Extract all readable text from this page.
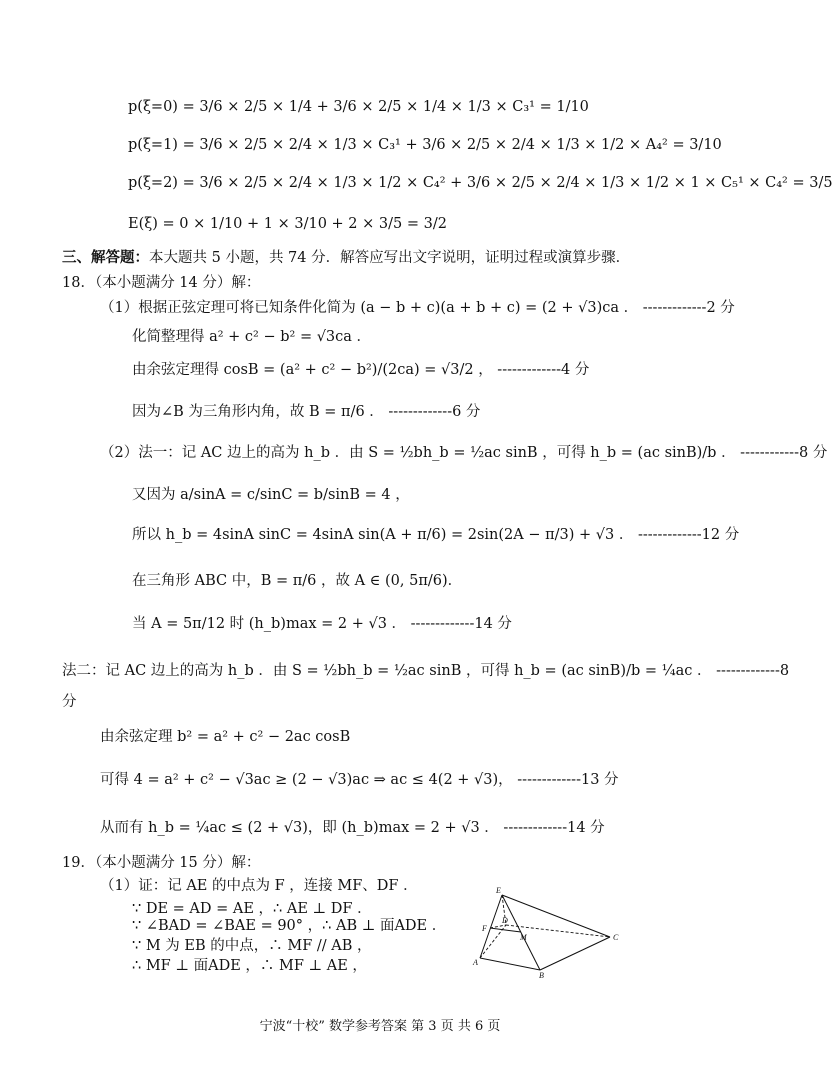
p(ξ=0) = 3/6 × 2/5 × 1/4 + 3/6 × 2/5 × 1/4 × 1/3 × C₃¹ = 1/10
p(ξ=1) = 3/6 × 2/5 × 2/4 × 1/3 × C₃¹ + 3/6 × 2/5 × 2/4 × 1/3 × 1/2 × A₄² = 3/10
p(ξ=2) = 3/6 × 2/5 × 2/4 × 1/3 × 1/2 × C₄² + 3/6 × 2/5 × 2/4 × 1/3 × 1/2 × 1 × C₅¹ × C₄² = 3/5
E(ξ) = 0 × 1/10 + 1 × 3/10 + 2 × 3/5 = 3/2
三、解答题：本大题共 5 小题，共 74 分．解答应写出文字说明，证明过程或演算步骤．
18．（本小题满分 14 分）解：
（1）根据正弦定理可将已知条件化简为 (a − b + c)(a + b + c) = (2 + √3)ca ． -------------2 分
化简整理得 a² + c² − b² = √3ca ．
由余弦定理得 cosB = (a² + c² − b²)/(2ca) = √3/2 ， -------------4 分
因为∠B 为三角形内角，故 B = π/6 ． -------------6 分
（2）法一：记 AC 边上的高为 h_b ．由 S = ½bh_b = ½ac sinB ，可得 h_b = (ac sinB)/b ． ------------8 分
又因为 a/sinA = c/sinC = b/sinB = 4 ，
所以 h_b = 4sinA sinC = 4sinA sin(A + π/6) = 2sin(2A − π/3) + √3 ． -------------12 分
在三角形 ABC 中，B = π/6 ，故 A ∈ (0, 5π/6)．
当 A = 5π/12 时 (h_b)max = 2 + √3 ． -------------14 分
法二：记 AC 边上的高为 h_b ．由 S = ½bh_b = ½ac sinB ，可得 h_b = (ac sinB)/b = ¼ac ． -------------8
分
由余弦定理 b² = a² + c² − 2ac cosB
可得 4 = a² + c² − √3ac ≥ (2 − √3)ac ⇒ ac ≤ 4(2 + √3)， -------------13 分
从而有 h_b = ¼ac ≤ (2 + √3)，即 (h_b)max = 2 + √3 ． -------------14 分
19．（本小题满分 15 分）解：
（1）证：记 AE 的中点为 F ，连接 MF、DF ．
∵ DE = AD = AE ，∴ AE ⊥ DF ．
∵ ∠BAD = ∠BAE = 90° ，∴ AB ⊥ 面ADE ．
∵ M 为 EB 的中点，∴ MF // AB ，
∴ MF ⊥ 面ADE ，∴ MF ⊥ AE ，
E
F
A
B
C
M
D
宁波“十校” 数学参考答案 第 3 页 共 6 页
